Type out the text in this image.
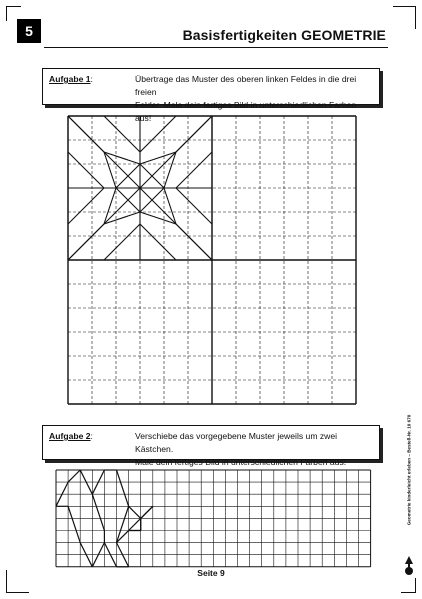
5	Basisfertigkeiten GEOMETRIE
Aufgabe 1:	Übertrage das Muster des oberen linken Feldes in die drei freien
Felder. Male dein fertiges Bild in unterschiedlichen Farben aus!
Aufgabe 2:	Verschiebe das vorgegebene Muster jeweils um zwei Kästchen.
Male dein fertiges Bild in unterschiedlichen Farben aus!	Geometrie kinderleicht erleben – Bestell-Nr. 10 670
Seite 9
